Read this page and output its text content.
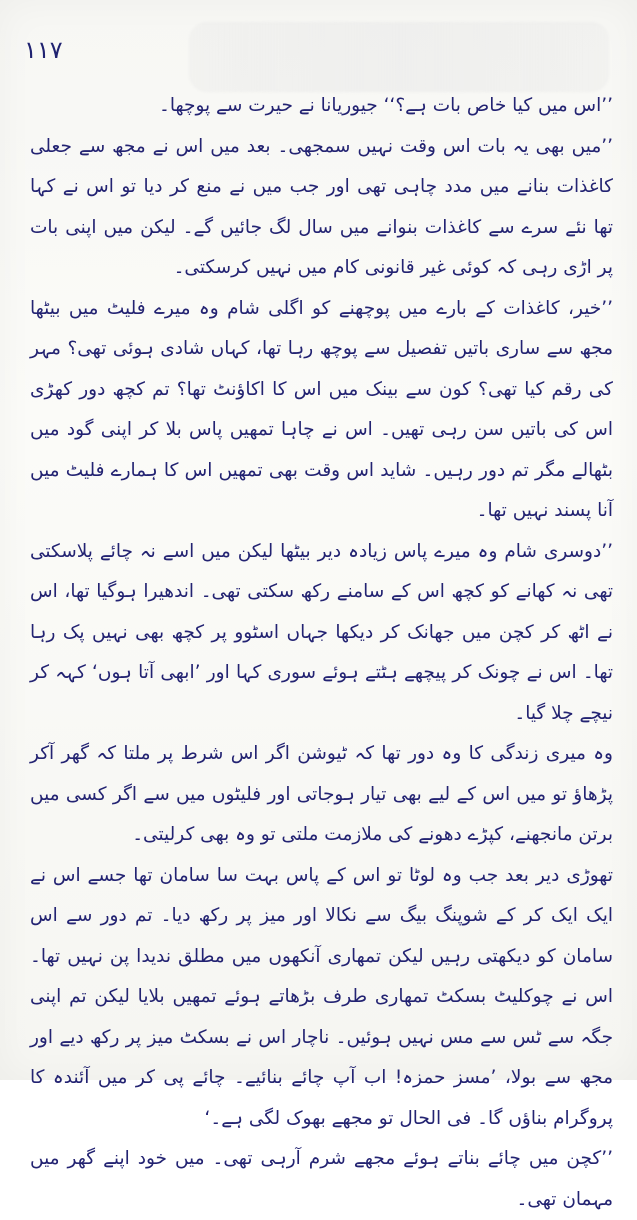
۱۱۷

’’اس میں کیا خاص بات ہے؟‘‘ جیوریانا نے حیرت سے پوچھا۔

’’میں بھی یہ بات اس وقت نہیں سمجھی۔ بعد میں اس نے مجھ سے جعلی کاغذات بنانے میں مدد چاہی تھی اور جب میں نے منع کر دیا تو اس نے کہا تھا نئے سرے سے کاغذات بنوانے میں سال لگ جائیں گے۔ لیکن میں اپنی بات پر اڑی رہی کہ کوئی غیر قانونی کام میں نہیں کرسکتی۔

’’خیر، کاغذات کے بارے میں پوچھنے کو اگلی شام وہ میرے فلیٹ میں بیٹھا مجھ سے ساری باتیں تفصیل سے پوچھ رہا تھا، کہاں شادی ہوئی تھی؟ مہر کی رقم کیا تھی؟ کون سے بینک میں اس کا اکاؤنٹ تھا؟ تم کچھ دور کھڑی اس کی باتیں سن رہی تھیں۔ اس نے چاہا تمھیں پاس بلا کر اپنی گود میں بٹھالے مگر تم دور رہیں۔ شاید اس وقت بھی تمھیں اس کا ہمارے فلیٹ میں آنا پسند نہیں تھا۔

’’دوسری شام وہ میرے پاس زیادہ دیر بیٹھا لیکن میں اسے نہ چائے پلاسکتی تھی نہ کھانے کو کچھ اس کے سامنے رکھ سکتی تھی۔ اندھیرا ہوگیا تھا، اس نے اٹھ کر کچن میں جھانک کر دیکھا جہاں اسٹوو پر کچھ بھی نہیں پک رہا تھا۔ اس نے چونک کر پیچھے ہٹتے ہوئے سوری کہا اور ’ابھی آتا ہوں‘ کہہ کر نیچے چلا گیا۔

وہ میری زندگی کا وہ دور تھا کہ ٹیوشن اگر اس شرط پر ملتا کہ گھر آکر پڑھاؤ تو میں اس کے لیے بھی تیار ہوجاتی اور فلیٹوں میں سے اگر کسی میں برتن مانجھنے، کپڑے دھونے کی ملازمت ملتی تو وہ بھی کرلیتی۔

تھوڑی دیر بعد جب وہ لوٹا تو اس کے پاس بہت سا سامان تھا جسے اس نے ایک ایک کر کے شوپنگ بیگ سے نکالا اور میز پر رکھ دیا۔ تم دور سے اس سامان کو دیکھتی رہیں لیکن تمھاری آنکھوں میں مطلق ندیدا پن نہیں تھا۔ اس نے چوکلیٹ بسکٹ تمھاری طرف بڑھاتے ہوئے تمھیں بلایا لیکن تم اپنی جگہ سے ٹس سے مس نہیں ہوئیں۔ ناچار اس نے بسکٹ میز پر رکھ دیے اور مجھ سے بولا، ’مسز حمزہ! اب آپ چائے بنائیے۔ چائے پی کر میں آئندہ کا پروگرام بناؤں گا۔ فی الحال تو مجھے بھوک لگی ہے۔‘

’’کچن میں چائے بناتے ہوئے مجھے شرم آرہی تھی۔ میں خود اپنے گھر میں مہمان تھی۔
